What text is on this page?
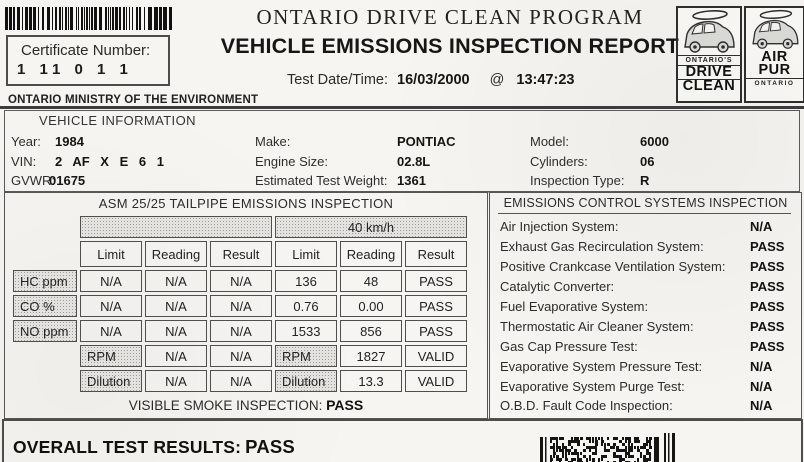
Certificate Number:
1 11 0 1 1
ONTARIO DRIVE CLEAN PROGRAM
VEHICLE EMISSIONS INSPECTION REPORT
Test Date/Time: 16/03/2000 @ 13:47:23
ONTARIO'S
DRIVE
CLEAN
AIR
PUR
ONTARIO
ONTARIO MINISTRY OF THE ENVIRONMENT
VEHICLE INFORMATION
Year:	1984
VIN:	2 AF X E 6 1
GVWR:
01675
Make:	PONTIAC
Engine Size:	02.8L
Estimated Test Weight: 1361
Model:	6000
Cylinders:	06
Inspection Type:	R
ASM 25/25 TAILPIPE EMISSIONS INSPECTION
				40 km/h		
	Limit	Reading	Result	Limit	Reading	Result
HC ppm	N/A	N/A	N/A	136	48	PASS
CO %	N/A	N/A	N/A	0.76	0.00	PASS
NO ppm	N/A	N/A	N/A	1533	856	PASS
	RPM	N/A	N/A	RPM	1827	VALID
	Dilution	N/A	N/A	Dilution	13.3	VALID
VISIBLE SMOKE INSPECTION: PASS
EMISSIONS CONTROL SYSTEMS INSPECTION
Air Injection System:	N/A
Exhaust Gas Recirculation System:	PASS
Positive Crankcase Ventilation System:	PASS
Catalytic Converter:	PASS
Fuel Evaporative System:	PASS
Thermostatic Air Cleaner System:	PASS
Gas Cap Pressure Test:	PASS
Evaporative System Pressure Test:	N/A
Evaporative System Purge Test:	N/A
O.B.D. Fault Code Inspection:	N/A
OVERALL TEST RESULTS: PASS
